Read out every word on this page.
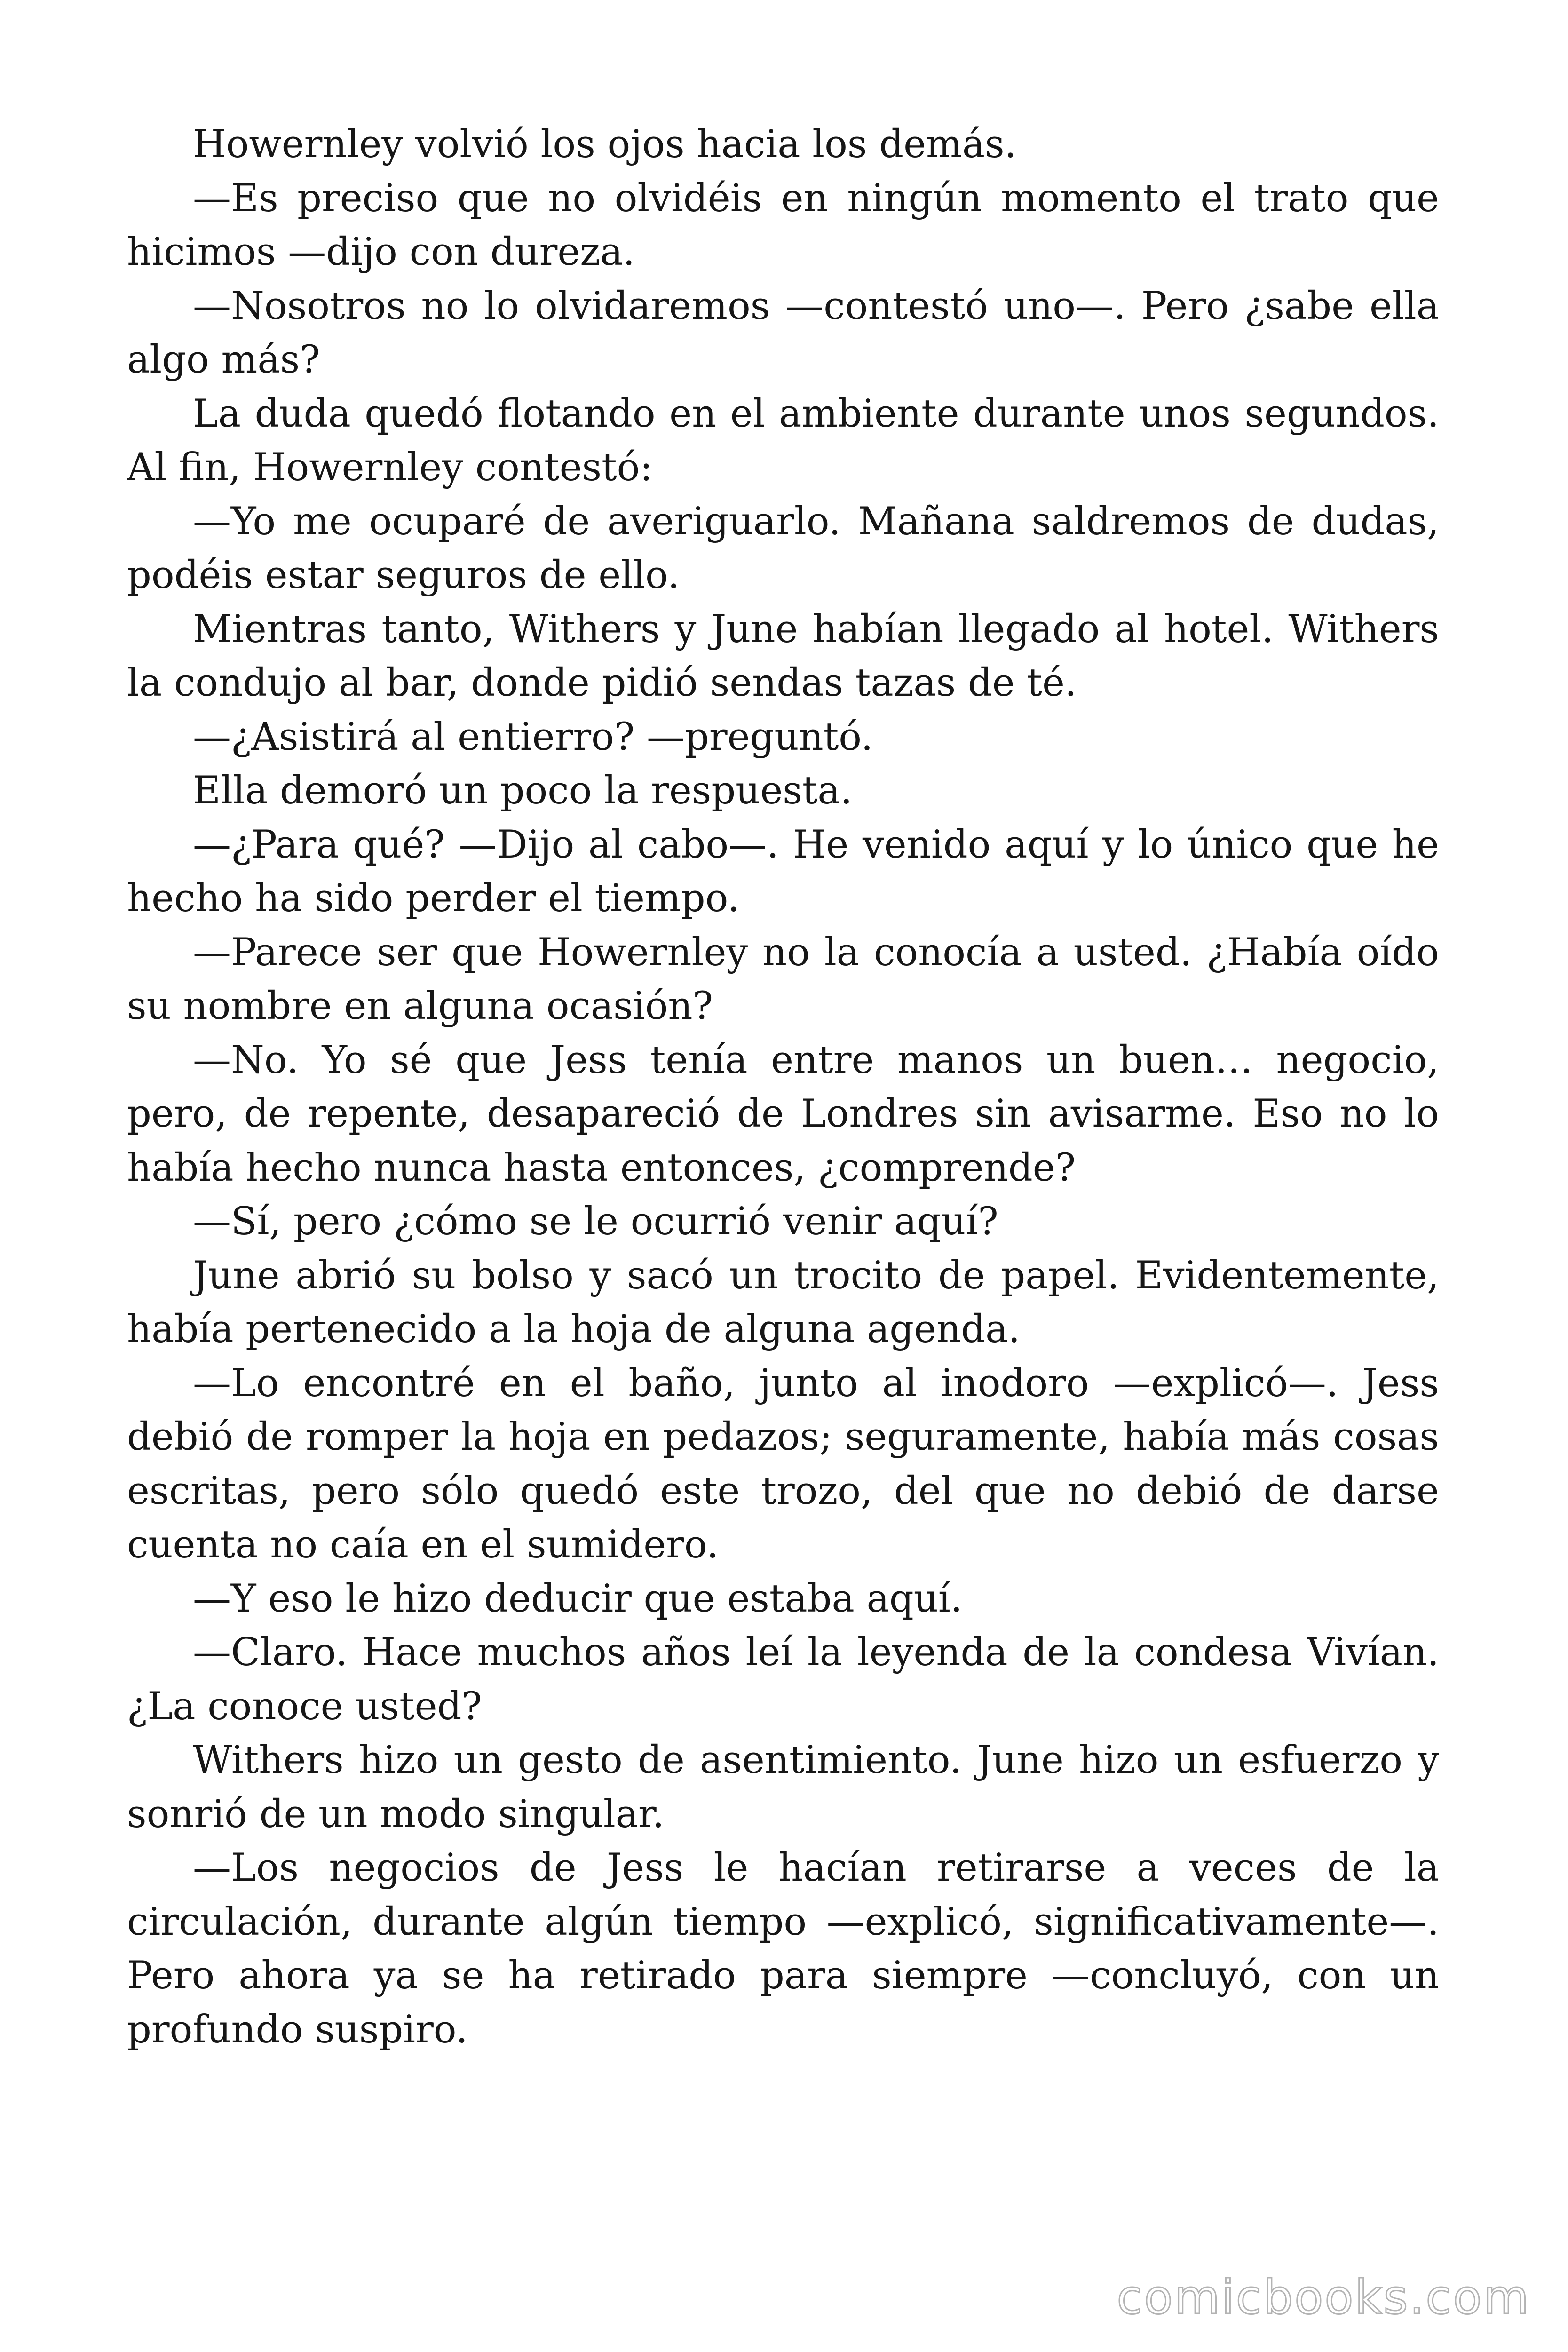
Howernley volvió los ojos hacia los demás.

—Es preciso que no olvidéis en ningún momento el trato que hicimos —dijo con dureza.

—Nosotros no lo olvidaremos —contestó uno—. Pero ¿sabe ella algo más?

La duda quedó flotando en el ambiente durante unos segundos. Al fin, Howernley contestó:

—Yo me ocuparé de averiguarlo. Mañana saldremos de dudas, podéis estar seguros de ello.

Mientras tanto, Withers y June habían llegado al hotel. Withers la condujo al bar, donde pidió sendas tazas de té.

—¿Asistirá al entierro? —preguntó.

Ella demoró un poco la respuesta.

—¿Para qué? —Dijo al cabo—. He venido aquí y lo único que he hecho ha sido perder el tiempo.

—Parece ser que Howernley no la conocía a usted. ¿Había oído su nombre en alguna ocasión?

—No. Yo sé que Jess tenía entre manos un buen… negocio, pero, de repente, desapareció de Londres sin avisarme. Eso no lo había hecho nunca hasta entonces, ¿comprende?

—Sí, pero ¿cómo se le ocurrió venir aquí?

June abrió su bolso y sacó un trocito de papel. Evidentemente, había pertenecido a la hoja de alguna agenda.

—Lo encontré en el baño, junto al inodoro —explicó—. Jess debió de romper la hoja en pedazos; seguramente, había más cosas escritas, pero sólo quedó este trozo, del que no debió de darse cuenta no caía en el sumidero.

—Y eso le hizo deducir que estaba aquí.

—Claro. Hace muchos años leí la leyenda de la condesa Vivían. ¿La conoce usted?

Withers hizo un gesto de asentimiento. June hizo un esfuerzo y sonrió de un modo singular.

—Los negocios de Jess le hacían retirarse a veces de la circulación, durante algún tiempo —explicó, significativamente—. Pero ahora ya se ha retirado para siempre —concluyó, con un profundo suspiro.

comicbooks.com
